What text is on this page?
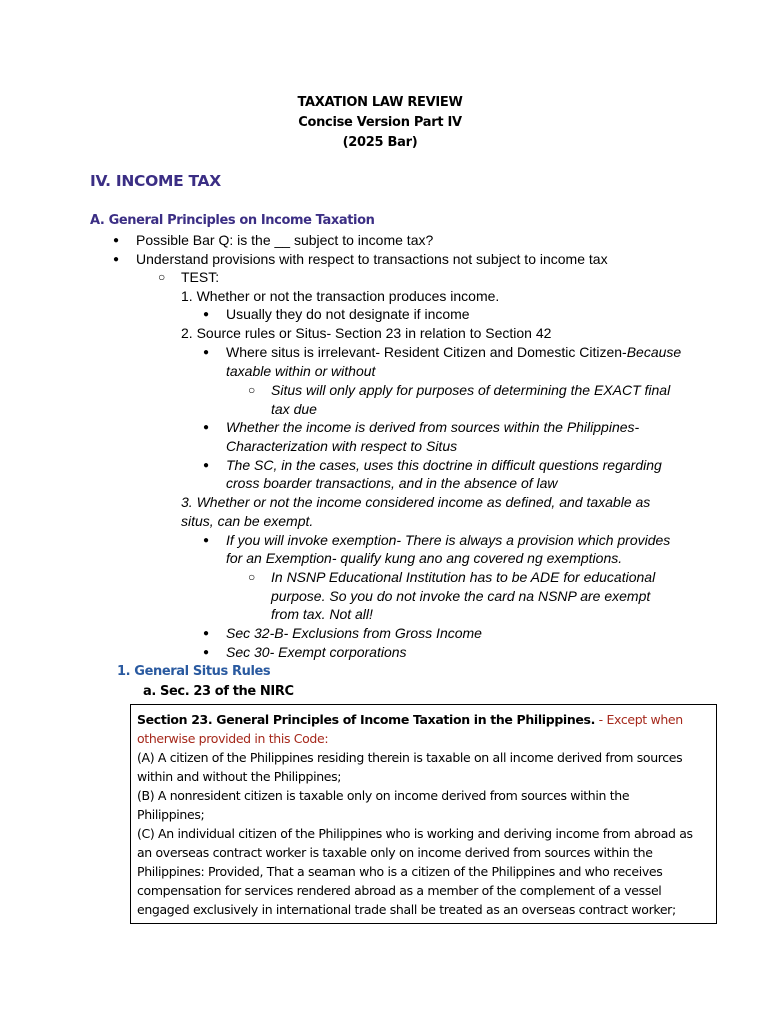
TAXATION LAW REVIEW
Concise Version Part IV
(2025 Bar)
IV. INCOME TAX
A. General Principles on Income Taxation
● Possible Bar Q: is the __ subject to income tax?
● Understand provisions with respect to transactions not subject to income tax
○ TEST:
1. Whether or not the transaction produces income.
● Usually they do not designate if income
2. Source rules or Situs- Section 23 in relation to Section 42
● Where situs is irrelevant- Resident Citizen and Domestic Citizen-Because
taxable within or without
○ Situs will only apply for purposes of determining the EXACT final
tax due
● Whether the income is derived from sources within the Philippines-
Characterization with respect to Situs
● The SC, in the cases, uses this doctrine in difficult questions regarding
cross boarder transactions, and in the absence of law
3. Whether or not the income considered income as defined, and taxable as
situs, can be exempt.
● If you will invoke exemption- There is always a provision which provides
for an Exemption- qualify kung ano ang covered ng exemptions.
○ In NSNP Educational Institution has to be ADE for educational
purpose. So you do not invoke the card na NSNP are exempt
from tax. Not all!
● Sec 32-B- Exclusions from Gross Income
● Sec 30- Exempt corporations
1. General Situs Rules
a. Sec. 23 of the NIRC
Section 23. General Principles of Income Taxation in the Philippines. - Except when
otherwise provided in this Code:
(A) A citizen of the Philippines residing therein is taxable on all income derived from sources
within and without the Philippines;
(B) A nonresident citizen is taxable only on income derived from sources within the
Philippines;
(C) An individual citizen of the Philippines who is working and deriving income from abroad as
an overseas contract worker is taxable only on income derived from sources within the
Philippines: Provided, That a seaman who is a citizen of the Philippines and who receives
compensation for services rendered abroad as a member of the complement of a vessel
engaged exclusively in international trade shall be treated as an overseas contract worker;
